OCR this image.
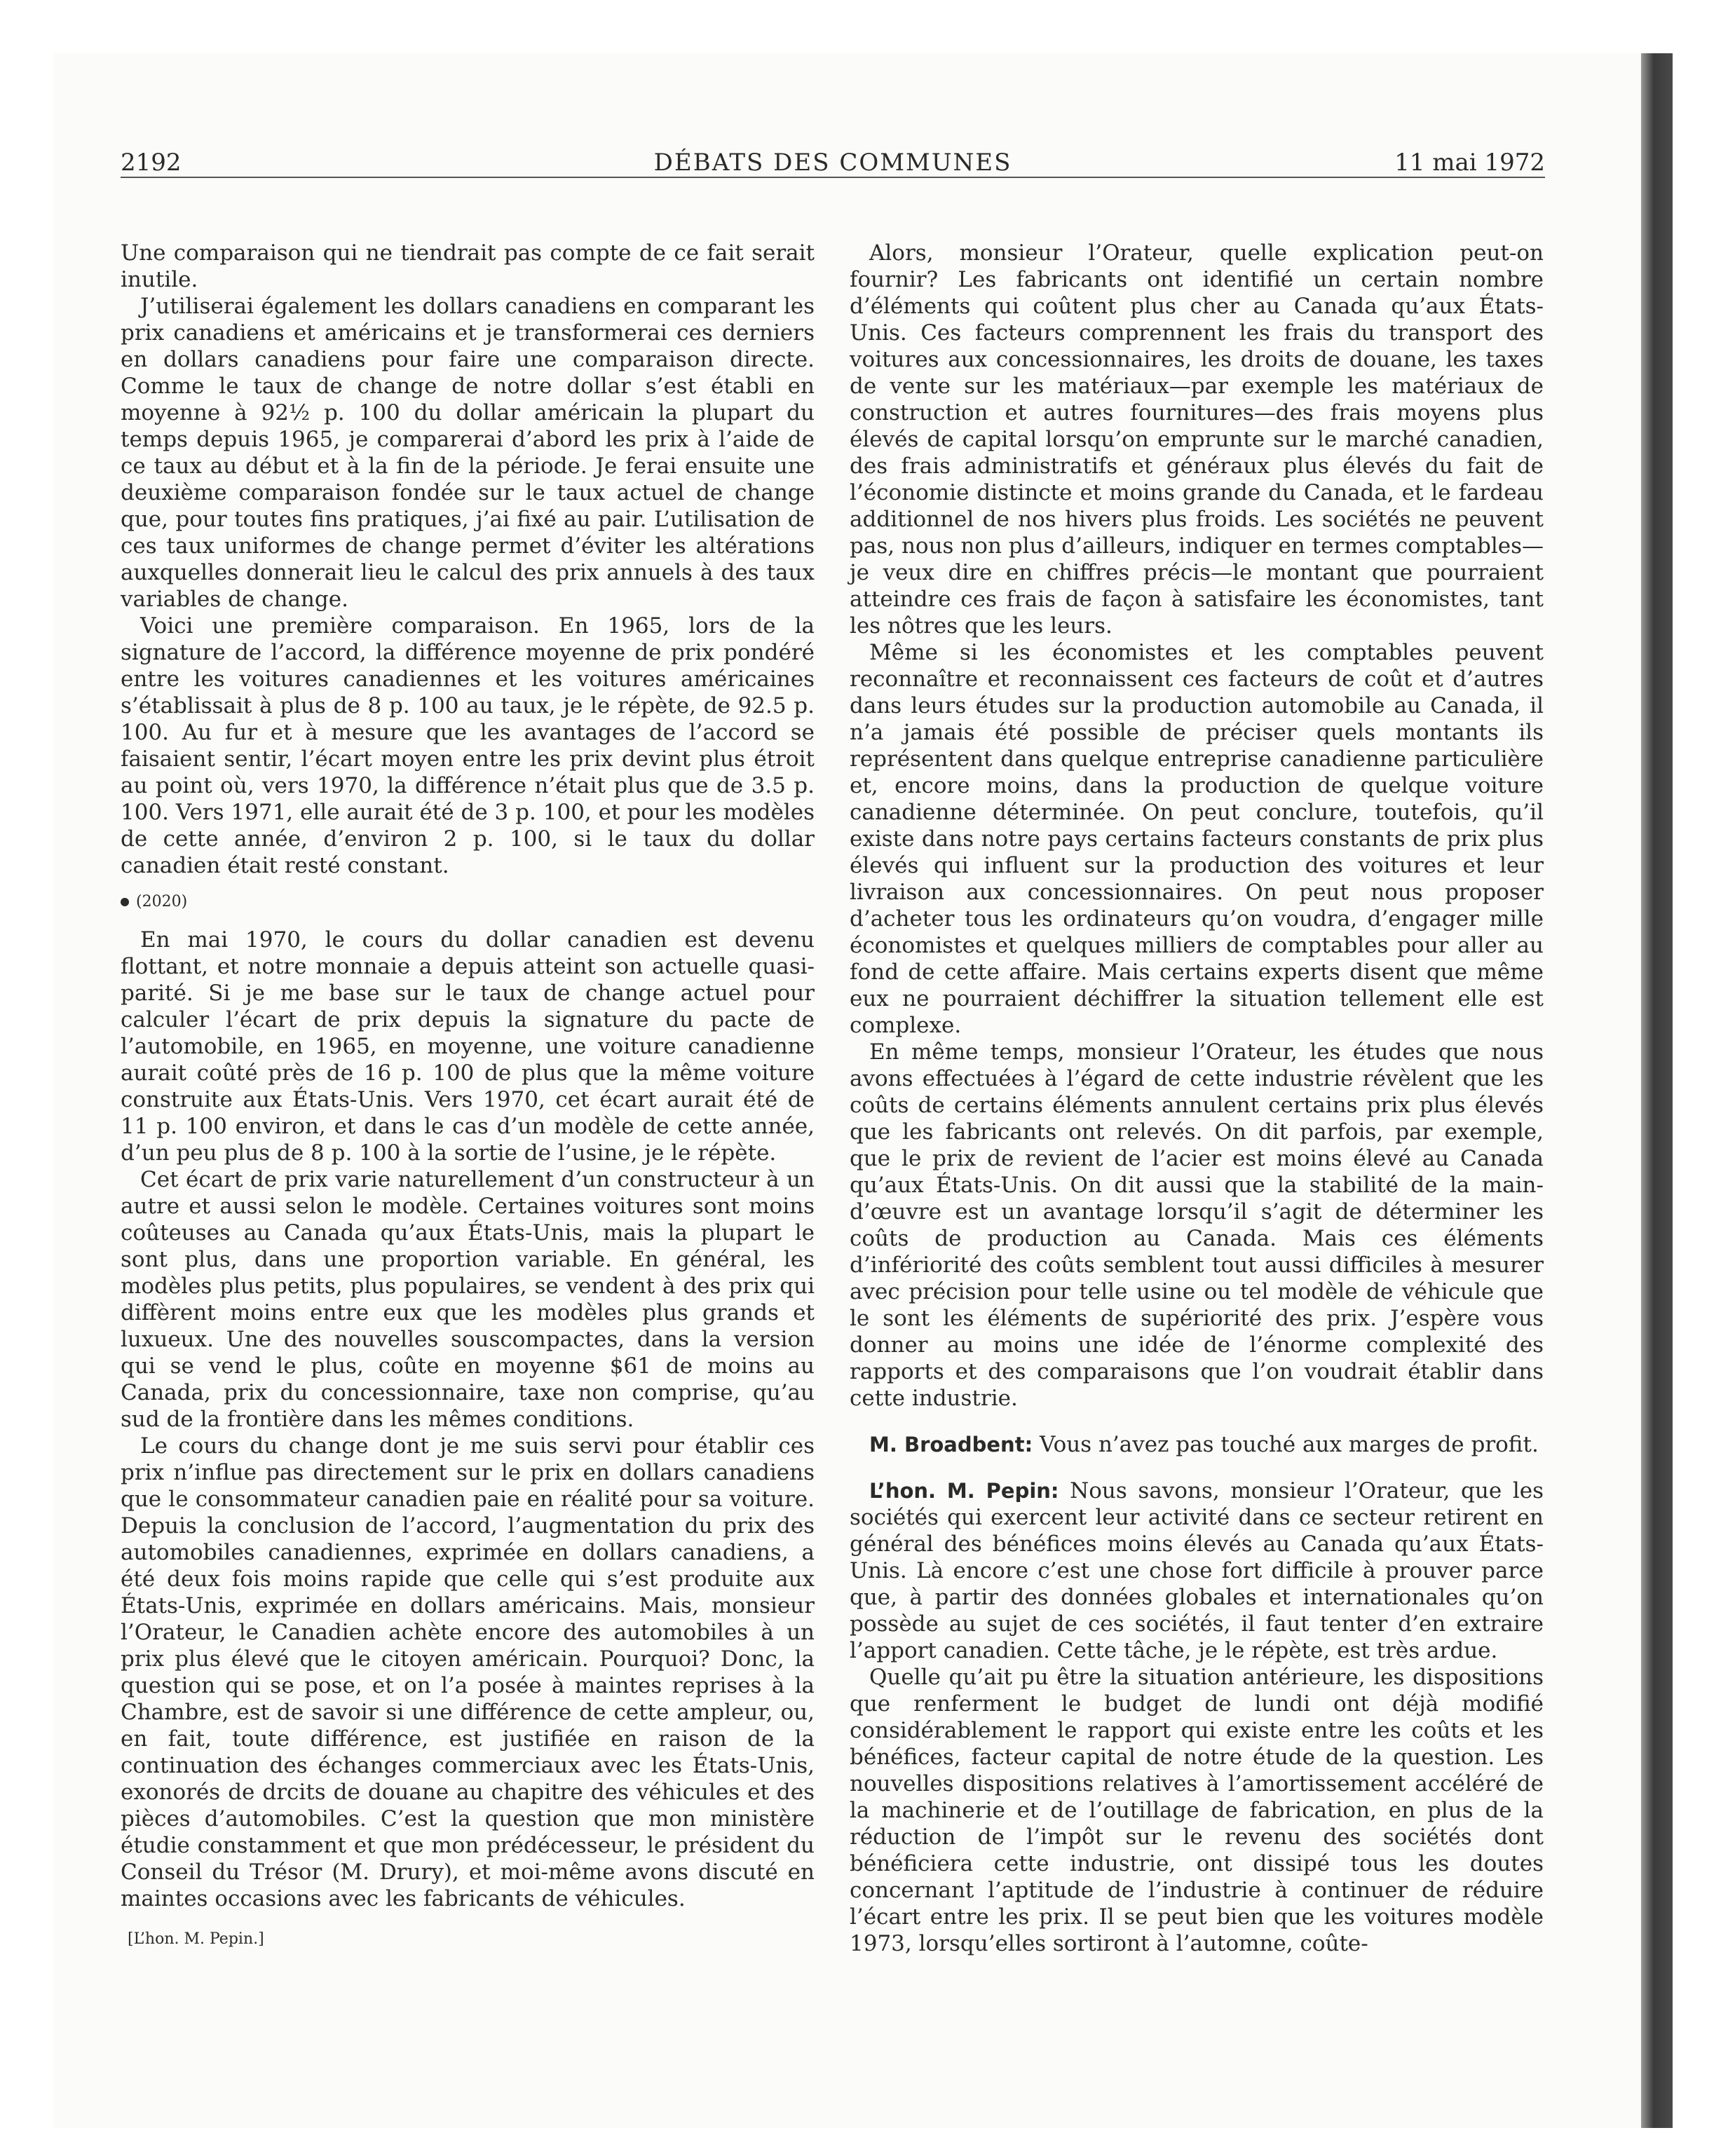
2192	DÉBATS DES COMMUNES	11 mai 1972

Une comparaison qui ne tiendrait pas compte de ce fait serait inutile.

J’utiliserai également les dollars canadiens en comparant les prix canadiens et américains et je transformerai ces derniers en dollars canadiens pour faire une comparaison directe. Comme le taux de change de notre dollar s’est établi en moyenne à 92½ p. 100 du dollar américain la plupart du temps depuis 1965, je comparerai d’abord les prix à l’aide de ce taux au début et à la fin de la période. Je ferai ensuite une deuxième comparaison fondée sur le taux actuel de change que, pour toutes fins pratiques, j’ai fixé au pair. L’utilisation de ces taux uniformes de change permet d’éviter les altérations auxquelles donnerait lieu le calcul des prix annuels à des taux variables de change.

Voici une première comparaison. En 1965, lors de la signature de l’accord, la différence moyenne de prix pondéré entre les voitures canadiennes et les voitures américaines s’établissait à plus de 8 p. 100 au taux, je le répète, de 92.5 p. 100. Au fur et à mesure que les avantages de l’accord se faisaient sentir, l’écart moyen entre les prix devint plus étroit au point où, vers 1970, la différence n’était plus que de 3.5 p. 100. Vers 1971, elle aurait été de 3 p. 100, et pour les modèles de cette année, d’environ 2 p. 100, si le taux du dollar canadien était resté constant.

(2020)

En mai 1970, le cours du dollar canadien est devenu flottant, et notre monnaie a depuis atteint son actuelle quasi-parité. Si je me base sur le taux de change actuel pour calculer l’écart de prix depuis la signature du pacte de l’automobile, en 1965, en moyenne, une voiture canadienne aurait coûté près de 16 p. 100 de plus que la même voiture construite aux États-Unis. Vers 1970, cet écart aurait été de 11 p. 100 environ, et dans le cas d’un modèle de cette année, d’un peu plus de 8 p. 100 à la sortie de l’usine, je le répète.

Cet écart de prix varie naturellement d’un constructeur à un autre et aussi selon le modèle. Certaines voitures sont moins coûteuses au Canada qu’aux États-Unis, mais la plupart le sont plus, dans une proportion variable. En général, les modèles plus petits, plus populaires, se vendent à des prix qui diffèrent moins entre eux que les modèles plus grands et luxueux. Une des nouvelles souscompactes, dans la version qui se vend le plus, coûte en moyenne $61 de moins au Canada, prix du concessionnaire, taxe non comprise, qu’au sud de la frontière dans les mêmes conditions.

Le cours du change dont je me suis servi pour établir ces prix n’influe pas directement sur le prix en dollars canadiens que le consommateur canadien paie en réalité pour sa voiture. Depuis la conclusion de l’accord, l’augmentation du prix des automobiles canadiennes, exprimée en dollars canadiens, a été deux fois moins rapide que celle qui s’est produite aux États-Unis, exprimée en dollars américains. Mais, monsieur l’Orateur, le Canadien achète encore des automobiles à un prix plus élevé que le citoyen américain. Pourquoi? Donc, la question qui se pose, et on l’a posée à maintes reprises à la Chambre, est de savoir si une différence de cette ampleur, ou, en fait, toute différence, est justifiée en raison de la continuation des échanges commerciaux avec les États-Unis, exonorés de drcits de douane au chapitre des véhicules et des pièces d’automobiles. C’est la question que mon ministère étudie constamment et que mon prédécesseur, le président du Conseil du Trésor (M. Drury), et moi-même avons discuté en maintes occasions avec les fabricants de véhicules.

[L’hon. M. Pepin.]

Alors, monsieur l’Orateur, quelle explication peut-on fournir? Les fabricants ont identifié un certain nombre d’éléments qui coûtent plus cher au Canada qu’aux États-Unis. Ces facteurs comprennent les frais du transport des voitures aux concessionnaires, les droits de douane, les taxes de vente sur les matériaux—par exemple les matériaux de construction et autres fournitures—des frais moyens plus élevés de capital lorsqu’on emprunte sur le marché canadien, des frais administratifs et généraux plus élevés du fait de l’économie distincte et moins grande du Canada, et le fardeau additionnel de nos hivers plus froids. Les sociétés ne peuvent pas, nous non plus d’ailleurs, indiquer en termes comptables—je veux dire en chiffres précis—le montant que pourraient atteindre ces frais de façon à satisfaire les économistes, tant les nôtres que les leurs.

Même si les économistes et les comptables peuvent reconnaître et reconnaissent ces facteurs de coût et d’autres dans leurs études sur la production automobile au Canada, il n’a jamais été possible de préciser quels montants ils représentent dans quelque entreprise canadienne particulière et, encore moins, dans la production de quelque voiture canadienne déterminée. On peut conclure, toutefois, qu’il existe dans notre pays certains facteurs constants de prix plus élevés qui influent sur la production des voitures et leur livraison aux concessionnaires. On peut nous proposer d’acheter tous les ordinateurs qu’on voudra, d’engager mille économistes et quelques milliers de comptables pour aller au fond de cette affaire. Mais certains experts disent que même eux ne pourraient déchiffrer la situation tellement elle est complexe.

En même temps, monsieur l’Orateur, les études que nous avons effectuées à l’égard de cette industrie révèlent que les coûts de certains éléments annulent certains prix plus élevés que les fabricants ont relevés. On dit parfois, par exemple, que le prix de revient de l’acier est moins élevé au Canada qu’aux États-Unis. On dit aussi que la stabilité de la main-d’œuvre est un avantage lorsqu’il s’agit de déterminer les coûts de production au Canada. Mais ces éléments d’infériorité des coûts semblent tout aussi difficiles à mesurer avec précision pour telle usine ou tel modèle de véhicule que le sont les éléments de supériorité des prix. J’espère vous donner au moins une idée de l’énorme complexité des rapports et des comparaisons que l’on voudrait établir dans cette industrie.

M. Broadbent: Vous n’avez pas touché aux marges de profit.

L’hon. M. Pepin: Nous savons, monsieur l’Orateur, que les sociétés qui exercent leur activité dans ce secteur retirent en général des bénéfices moins élevés au Canada qu’aux États-Unis. Là encore c’est une chose fort difficile à prouver parce que, à partir des données globales et internationales qu’on possède au sujet de ces sociétés, il faut tenter d’en extraire l’apport canadien. Cette tâche, je le répète, est très ardue.

Quelle qu’ait pu être la situation antérieure, les dispositions que renferment le budget de lundi ont déjà modifié considérablement le rapport qui existe entre les coûts et les bénéfices, facteur capital de notre étude de la question. Les nouvelles dispositions relatives à l’amortissement accéléré de la machinerie et de l’outillage de fabrication, en plus de la réduction de l’impôt sur le revenu des sociétés dont bénéficiera cette industrie, ont dissipé tous les doutes concernant l’aptitude de l’industrie à continuer de réduire l’écart entre les prix. Il se peut bien que les voitures modèle 1973, lorsqu’elles sortiront à l’automne, coûte-
